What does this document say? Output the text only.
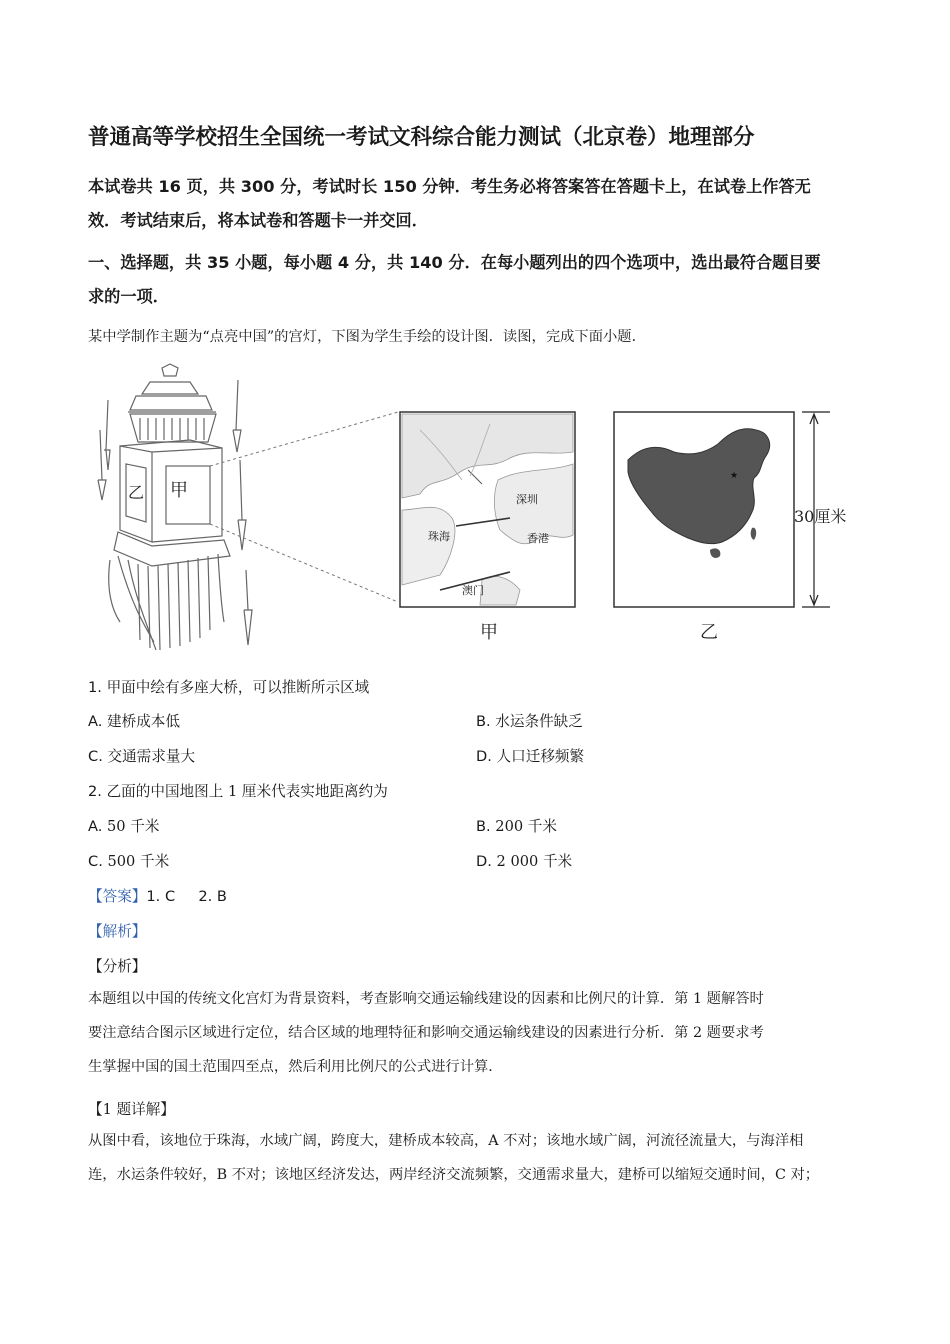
普通高等学校招生全国统一考试文科综合能力测试（北京卷）地理部分
本试卷共 16 页，共 300 分，考试时长 150 分钟．考生务必将答案答在答题卡上，在试卷上作答无
效．考试结束后，将本试卷和答题卡一并交回．
一、选择题，共 35 小题，每小题 4 分，共 140 分．在每小题列出的四个选项中，选出最符合题目要
求的一项．
某中学制作主题为“点亮中国”的宫灯，下图为学生手绘的设计图．读图，完成下面小题．
甲
乙	深圳
珠海	香港
澳门
甲
★
30厘米
乙
1. 甲面中绘有多座大桥，可以推断所示区域
A. 建桥成本低	B. 水运条件缺乏
C. 交通需求量大	D. 人口迁移频繁
2. 乙面的中国地图上 1 厘米代表实地距离约为
A. 50 千米	B. 200 千米
C. 500 千米	D. 2 000 千米
【答案】1. C     2. B
【解析】
【分析】
本题组以中国的传统文化宫灯为背景资料，考查影响交通运输线建设的因素和比例尺的计算．第 1 题解答时
要注意结合图示区域进行定位，结合区域的地理特征和影响交通运输线建设的因素进行分析．第 2 题要求考
生掌握中国的国土范围四至点，然后利用比例尺的公式进行计算．
【1 题详解】
从图中看，该地位于珠海，水域广阔，跨度大，建桥成本较高，A 不对；该地水域广阔，河流径流量大，与海洋相
连，水运条件较好，B 不对；该地区经济发达，两岸经济交流频繁，交通需求量大，建桥可以缩短交通时间，C 对；
